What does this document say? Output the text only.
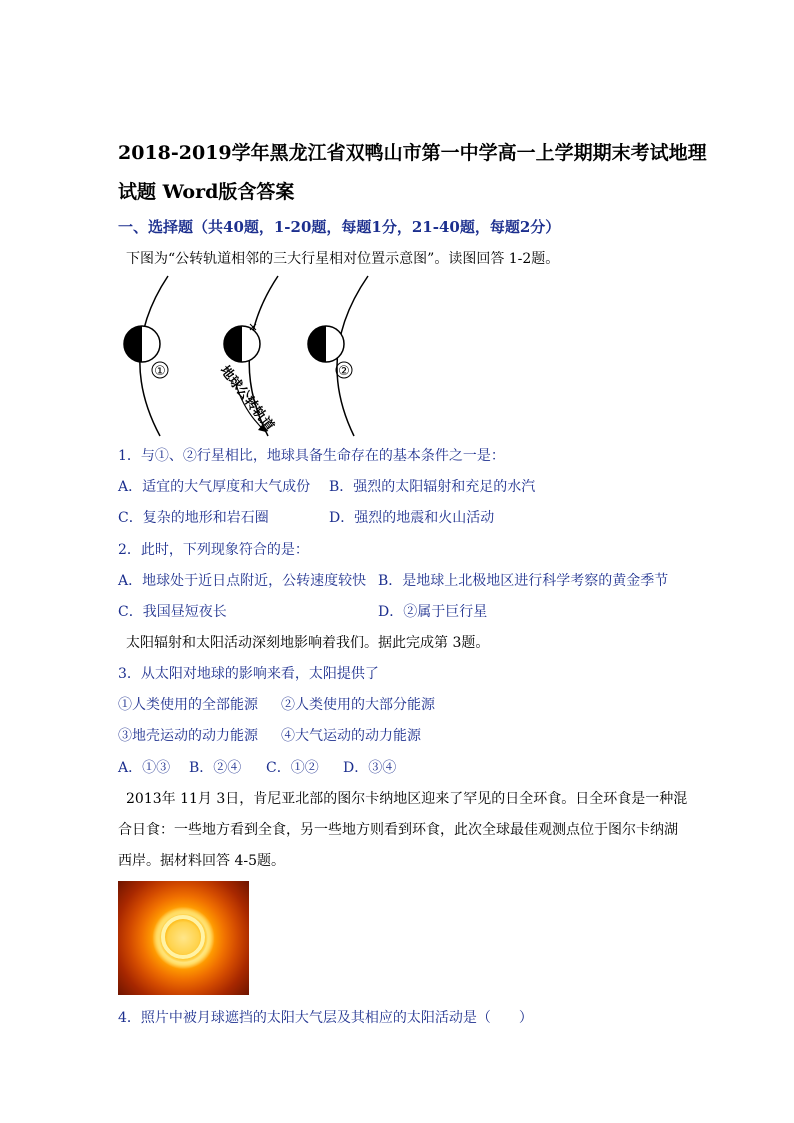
2018-2019学年黑龙江省双鸭山市第一中学高一上学期期末考试地理
试题 Word版含答案
一、选择题（共40题，1-20题，每题1分，21-40题，每题2分）
下图为“公转轨道相邻的三大行星相对位置示意图”。读图回答 1-2题。
①	②
地球公转轨道
1．与①、②行星相比，地球具备生命存在的基本条件之一是：
A．适宜的大气厚度和大气成份 B．强烈的太阳辐射和充足的水汽
C．复杂的地形和岩石圈	D．强烈的地震和火山活动
2．此时，下列现象符合的是：
A．地球处于近日点附近，公转速度较快 B．是地球上北极地区进行科学考察的黄金季节
C．我国昼短夜长	D．②属于巨行星
太阳辐射和太阳活动深刻地影响着我们。据此完成第 3题。
3．从太阳对地球的影响来看，太阳提供了
①人类使用的全部能源 ②人类使用的大部分能源
③地壳运动的动力能源 ④大气运动的动力能源
A．①③ B．②④ C．①② D．③④
2013年 11月 3日，肯尼亚北部的图尔卡纳地区迎来了罕见的日全环食。日全环食是一种混
合日食：一些地方看到全食，另一些地方则看到环食，此次全球最佳观测点位于图尔卡纳湖
西岸。据材料回答 4-5题。
4．照片中被月球遮挡的太阳大气层及其相应的太阳活动是（　　）
